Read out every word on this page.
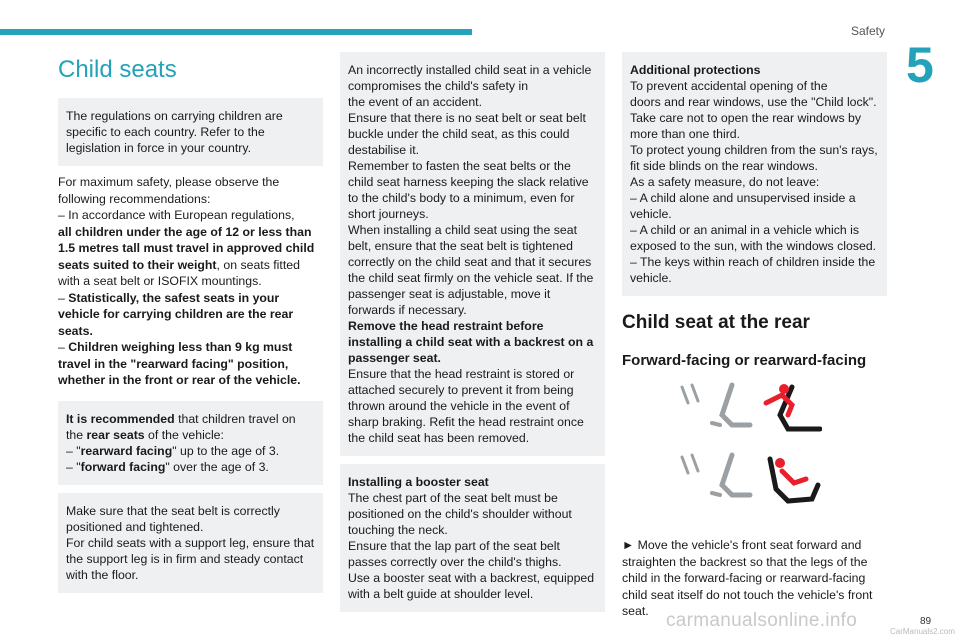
Safety
5
Child seats

The regulations on carrying children are specific to each country. Refer to the

legislation in force in your country.

For maximum safety, please observe the following recommendations:

– In accordance with European regulations,
all children under the age of 12 or less than 1.5 metres tall must travel in approved child seats suited to their weight, on seats fitted with a seat belt or ISOFIX mountings.

– Statistically, the safest seats in your vehicle for carrying children are the rear seats.

– Children weighing less than 9 kg must travel in the "rearward facing" position, whether in the front or rear of the vehicle.

It is recommended that children travel on the rear seats of the vehicle:

– "rearward facing" up to the age of 3.

– "forward facing" over the age of 3.

Make sure that the seat belt is correctly positioned and tightened.

For child seats with a support leg, ensure that the support leg is in firm and steady contact with the floor.

An incorrectly installed child seat in a vehicle compromises the child's safety in

the event of an accident.

Ensure that there is no seat belt or seat belt buckle under the child seat, as this could destabilise it.

Remember to fasten the seat belts or the child seat harness keeping the slack relative to the child's body to a minimum, even for short journeys.

When installing a child seat using the seat belt, ensure that the seat belt is tightened correctly on the child seat and that it secures the child seat firmly on the vehicle seat. If the passenger seat is adjustable, move it forwards if necessary.

Remove the head restraint before installing a child seat with a backrest on a passenger seat.

Ensure that the head restraint is stored or attached securely to prevent it from being thrown around the vehicle in the event of sharp braking. Refit the head restraint once the child seat has been removed.

Installing a booster seat
The chest part of the seat belt must be

positioned on the child's shoulder without touching the neck.

Ensure that the lap part of the seat belt passes correctly over the child's thighs.

Use a booster seat with a backrest, equipped with a belt guide at shoulder level.

Additional protections
To prevent accidental opening of the

doors and rear windows, use the "Child lock".

Take care not to open the rear windows by more than one third.

To protect young children from the sun's rays, fit side blinds on the rear windows.

As a safety measure, do not leave:

– A child alone and unsupervised inside a vehicle.

– A child or an animal in a vehicle which is exposed to the sun, with the windows closed.

– The keys within reach of children inside the vehicle.

Child seat at the rear
Forward-facing or rearward-facing

► Move the vehicle's front seat forward and straighten the backrest so that the legs of the child in the forward-facing or rearward-facing child seat itself do not touch the vehicle's front seat. carmanualsonline.info	89
CarManuals2.com
